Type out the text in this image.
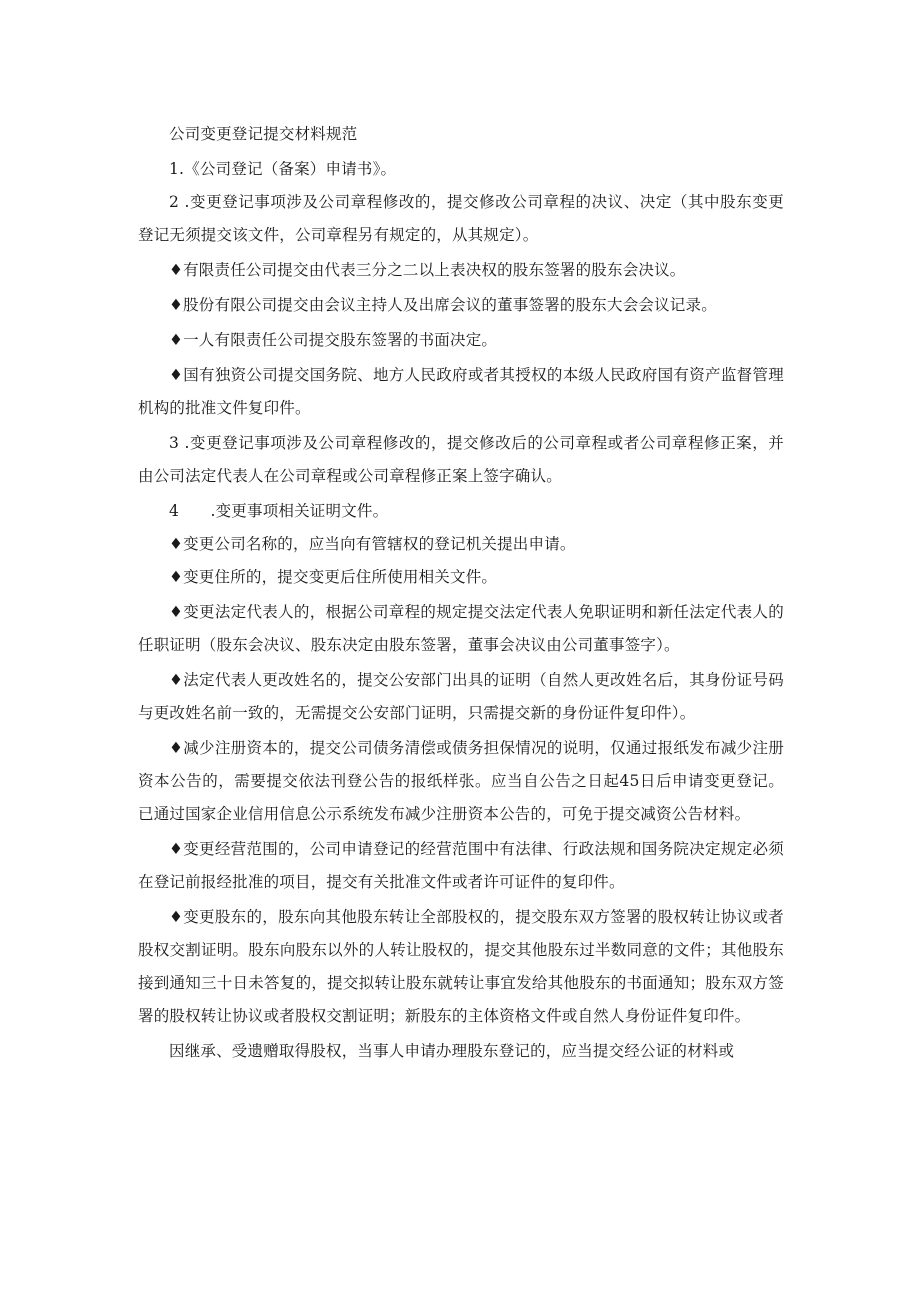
公司变更登记提交材料规范

1.《公司登记（备案）申请书》。

2 .变更登记事项涉及公司章程修改的，提交修改公司章程的决议、决定（其中股东变更登记无须提交该文件，公司章程另有规定的，从其规定）。

♦有限责任公司提交由代表三分之二以上表决权的股东签署的股东会决议。

♦股份有限公司提交由会议主持人及出席会议的董事签署的股东大会会议记录。

♦一人有限责任公司提交股东签署的书面决定。

♦国有独资公司提交国务院、地方人民政府或者其授权的本级人民政府国有资产监督管理机构的批准文件复印件。

3 .变更登记事项涉及公司章程修改的，提交修改后的公司章程或者公司章程修正案，并由公司法定代表人在公司章程或公司章程修正案上签字确认。

4　　.变更事项相关证明文件。

♦变更公司名称的，应当向有管辖权的登记机关提出申请。

♦变更住所的，提交变更后住所使用相关文件。

♦变更法定代表人的，根据公司章程的规定提交法定代表人免职证明和新任法定代表人的任职证明（股东会决议、股东决定由股东签署，董事会决议由公司董事签字）。

♦法定代表人更改姓名的，提交公安部门出具的证明（自然人更改姓名后，其身份证号码与更改姓名前一致的，无需提交公安部门证明，只需提交新的身份证件复印件）。

♦减少注册资本的，提交公司债务清偿或债务担保情况的说明，仅通过报纸发布减少注册资本公告的，需要提交依法刊登公告的报纸样张。应当自公告之日起45日后申请变更登记。已通过国家企业信用信息公示系统发布减少注册资本公告的，可免于提交减资公告材料。

♦变更经营范围的，公司申请登记的经营范围中有法律、行政法规和国务院决定规定必须在登记前报经批准的项目，提交有关批准文件或者许可证件的复印件。

♦变更股东的，股东向其他股东转让全部股权的，提交股东双方签署的股权转让协议或者股权交割证明。股东向股东以外的人转让股权的，提交其他股东过半数同意的文件；其他股东接到通知三十日未答复的，提交拟转让股东就转让事宜发给其他股东的书面通知；股东双方签署的股权转让协议或者股权交割证明；新股东的主体资格文件或自然人身份证件复印件。

因继承、受遗赠取得股权，当事人申请办理股东登记的，应当提交经公证的材料或
